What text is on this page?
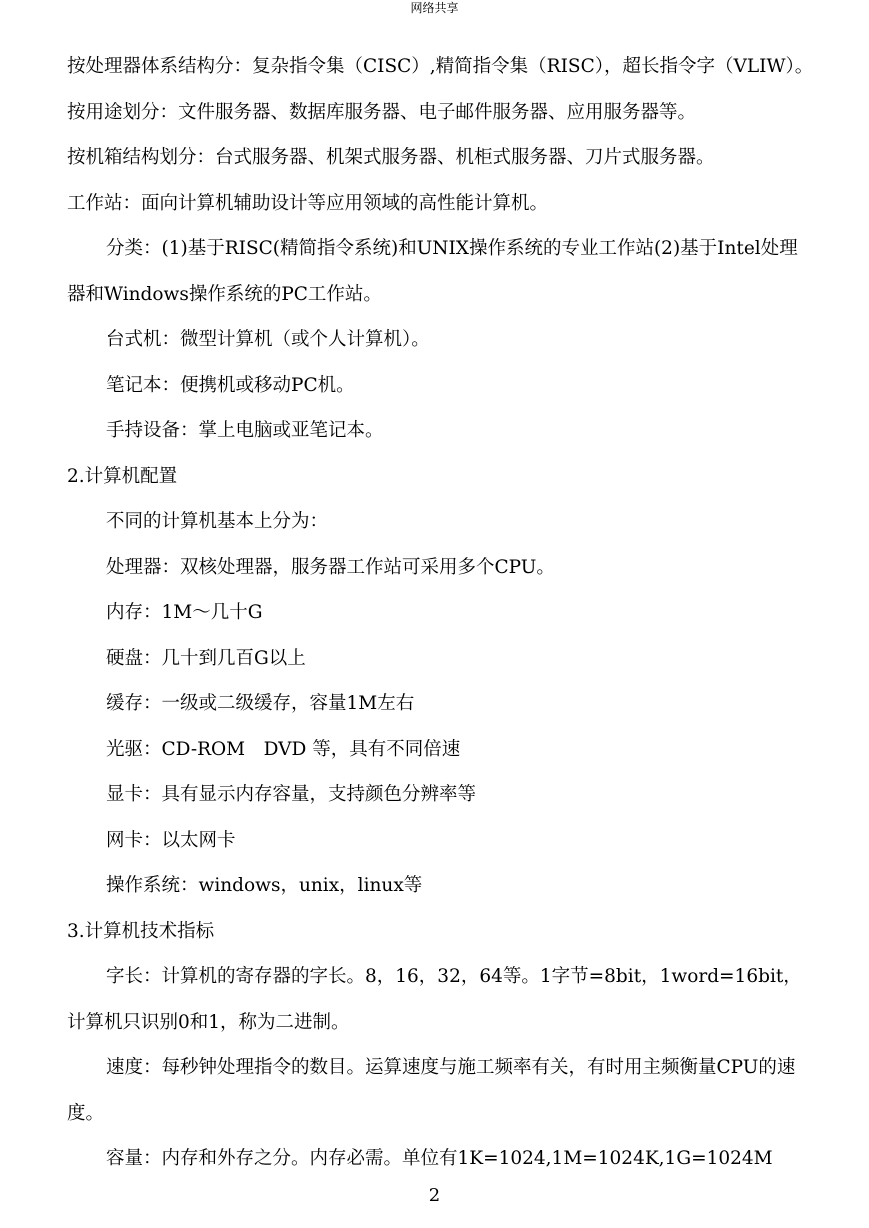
网络共享

按处理器体系结构分：复杂指令集（CISC）,精简指令集（RISC），超长指令字（VLIW）。

按用途划分：文件服务器、数据库服务器、电子邮件服务器、应用服务器等。

按机箱结构划分：台式服务器、机架式服务器、机柜式服务器、刀片式服务器。

工作站：面向计算机辅助设计等应用领域的高性能计算机。

分类：(1)基于RISC(精简指令系统)和UNIX操作系统的专业工作站(2)基于Intel处理器和Windows操作系统的PC工作站。

台式机：微型计算机（或个人计算机）。

笔记本：便携机或移动PC机。

手持设备：掌上电脑或亚笔记本。

2.计算机配置

不同的计算机基本上分为：

处理器：双核处理器，服务器工作站可采用多个CPU。

内存：1M～几十G

硬盘：几十到几百G以上

缓存：一级或二级缓存，容量1M左右

光驱：CD-ROM　DVD 等，具有不同倍速

显卡：具有显示内存容量，支持颜色分辨率等

网卡：以太网卡

操作系统：windows，unix，linux等

3.计算机技术指标

字长：计算机的寄存器的字长。8，16，32，64等。1字节=8bit，1word=16bit，计算机只识别0和1，称为二进制。

速度：每秒钟处理指令的数目。运算速度与施工频率有关，有时用主频衡量CPU的速度。

容量：内存和外存之分。内存必需。单位有1K=1024,1M=1024K,1G=1024M

2
